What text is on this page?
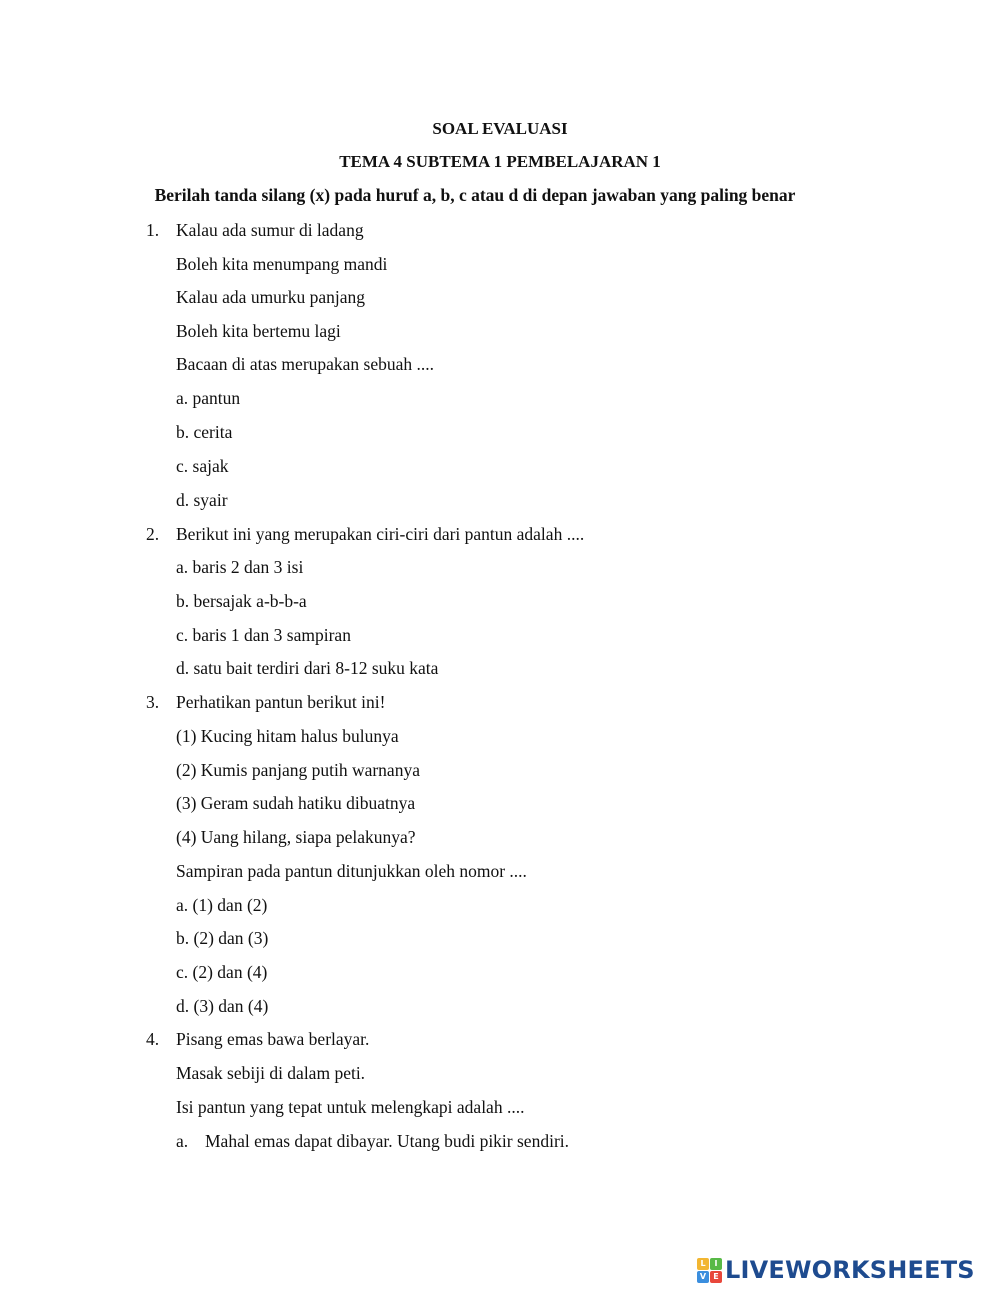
SOAL EVALUASI
TEMA 4 SUBTEMA 1 PEMBELAJARAN 1
Berilah tanda silang (x) pada huruf a, b, c atau d di depan jawaban yang paling benar
1. Kalau ada sumur di ladang
Boleh kita menumpang mandi
Kalau ada umurku panjang
Boleh kita bertemu lagi
Bacaan di atas merupakan sebuah ....
a. pantun
b. cerita
c. sajak
d. syair
2. Berikut ini yang merupakan ciri-ciri dari pantun adalah ....
a. baris 2 dan 3 isi
b. bersajak a-b-b-a
c. baris 1 dan 3 sampiran
d. satu bait terdiri dari 8-12 suku kata
3. Perhatikan pantun berikut ini!
(1) Kucing hitam halus bulunya
(2) Kumis panjang putih warnanya
(3) Geram sudah hatiku dibuatnya
(4) Uang hilang, siapa pelakunya?
Sampiran pada pantun ditunjukkan oleh nomor ....
a. (1) dan (2)
b. (2) dan (3)
c. (2) dan (4)
d. (3) dan (4)
4. Pisang emas bawa berlayar.
Masak sebiji di dalam peti.
Isi pantun yang tepat untuk melengkapi adalah ....
a. Mahal emas dapat dibayar. Utang budi pikir sendiri.
L	I
V E LIVEWORKSHEETS
